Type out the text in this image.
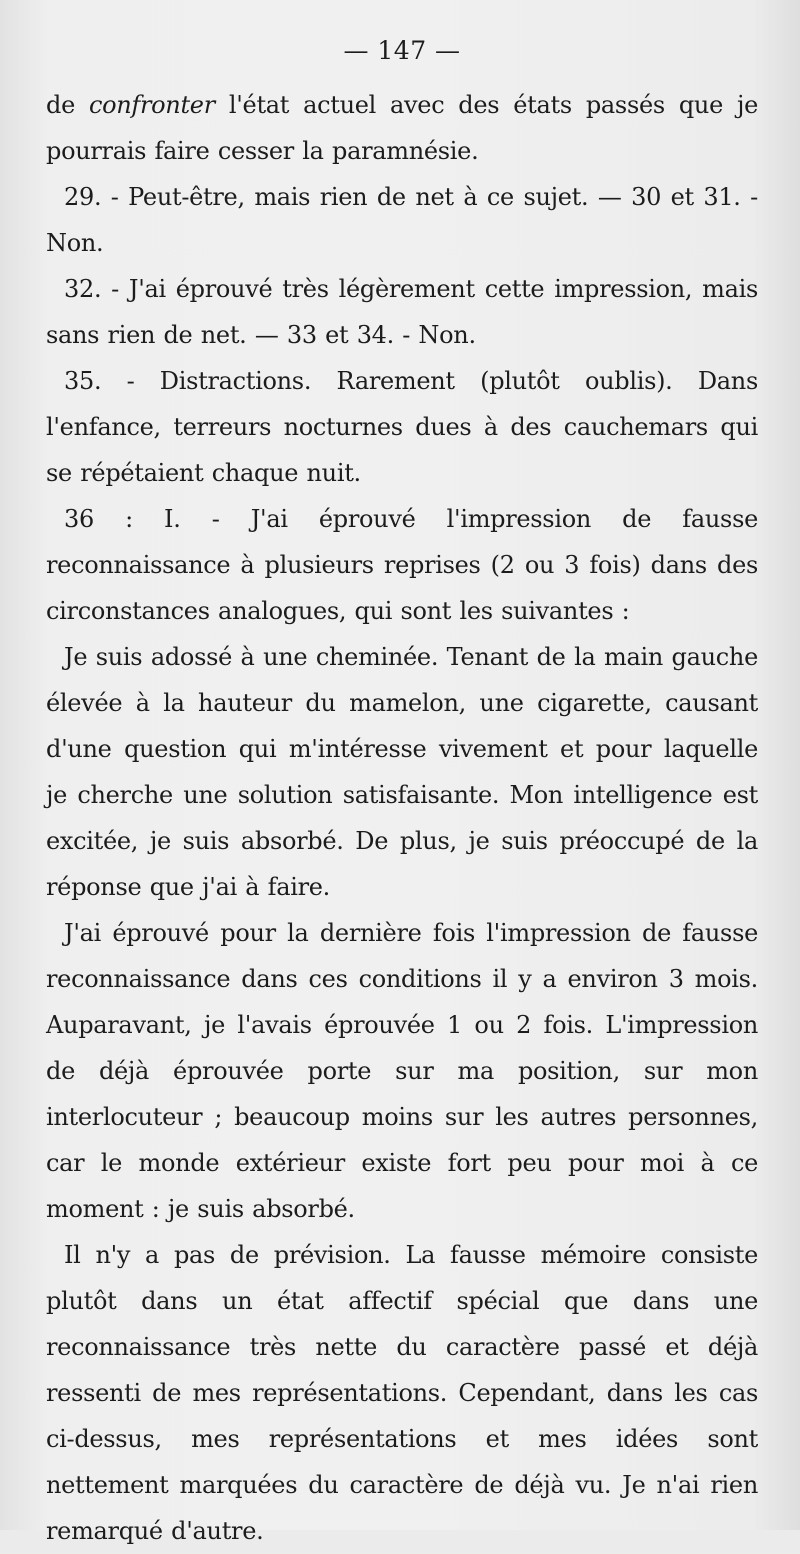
— 147 —

de confronter l'état actuel avec des états passés que je pourrais faire cesser la paramnésie.

29. - Peut-être, mais rien de net à ce sujet. — 30 et 31. - Non.

32. - J'ai éprouvé très légèrement cette impression, mais sans rien de net. — 33 et 34. - Non.

35. - Distractions. Rarement (plutôt oublis). Dans l'enfance, terreurs nocturnes dues à des cauchemars qui se répétaient chaque nuit.

36 : I. - J'ai éprouvé l'impression de fausse reconnaissance à plusieurs reprises (2 ou 3 fois) dans des circonstances analogues, qui sont les suivantes :

Je suis adossé à une cheminée. Tenant de la main gauche élevée à la hauteur du mamelon, une cigarette, causant d'une question qui m'intéresse vivement et pour laquelle je cherche une solution satisfaisante. Mon intelligence est excitée, je suis absorbé. De plus, je suis préoccupé de la réponse que j'ai à faire.

J'ai éprouvé pour la dernière fois l'impression de fausse reconnaissance dans ces conditions il y a environ 3 mois. Auparavant, je l'avais éprouvée 1 ou 2 fois. L'impression de déjà éprouvée porte sur ma position, sur mon interlocuteur ; beaucoup moins sur les autres personnes, car le monde extérieur existe fort peu pour moi à ce moment : je suis absorbé.

Il n'y a pas de prévision. La fausse mémoire consiste plutôt dans un état affectif spécial que dans une reconnaissance très nette du caractère passé et déjà ressenti de mes représentations. Cependant, dans les cas ci-dessus, mes représentations et mes idées sont nettement marquées du caractère de déjà vu. Je n'ai rien remarqué d'autre.
